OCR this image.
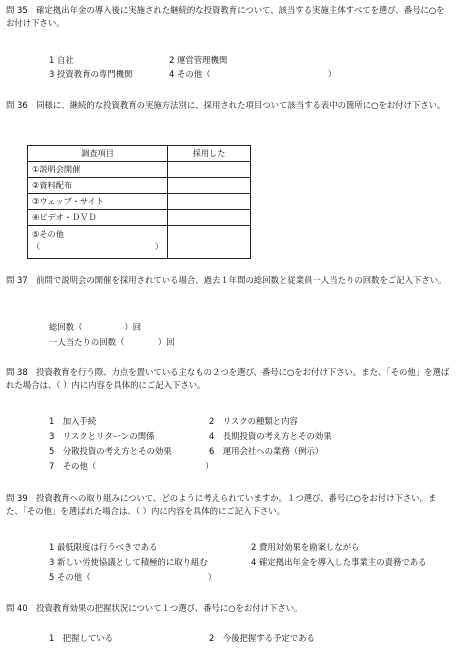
問 35　確定拠出年金の導入後に実施された継続的な投資教育について、該当する実施主体すべてを選び、番号に○をお付け下さい。
1 自社	2 運営管理機関
3 投資教育の専門機関	4 その他（　　　　　　　　　　　　　　）
問 36　同様に、継続的な投資教育の実施方法別に、採用された項目ついて該当する表中の箇所に○をお付け下さい。
調査項目	採用した
①説明会開催	
②資料配布	
③ウェッブ・サイト	
④ビデオ・ＤＶＤ	
⑤その他
（　　　　　　　　　　　　　　）	
問 37　前問で説明会の開催を採用されている場合、過去１年間の総回数と従業員一人当たりの回数をご記入下さい。
総回数（　　　　　）回
一人当たりの回数（　　　　）回
問 38　投資教育を行う際、力点を置いている主なもの２つを選び、番号に○をお付け下さい。また、「その他」を選ばれた場合は、（ ）内に内容を具体的にご記入下さい。
1　加入手続	2　リスクの種類と内容
3　リスクとリターンの関係	4　長期投資の考え方とその効果
5　分散投資の考え方とその効果	6　運用会社への業務（例示）
7　その他（　　　　　　　　　　　　　）
問 39　投資教育への取り組みについて、どのように考えられていますか。１つ選び、番号に○をお付け下さい。また、「その他」を選ばれた場合は、（ ）内に内容を具体的にご記入下さい。
1 最低限度は行うべきである	2 費用対効果を勘案しながら
3 新しい労使協議として積極的に取り組む	4 確定拠出年金を導入した事業主の責務である
5 その他（　　　　　　　　　　　　　　）
問 40　投資教育効果の把握状況について１つ選び、番号に○をお付け下さい。
1　把握している	2　今後把握する予定である
